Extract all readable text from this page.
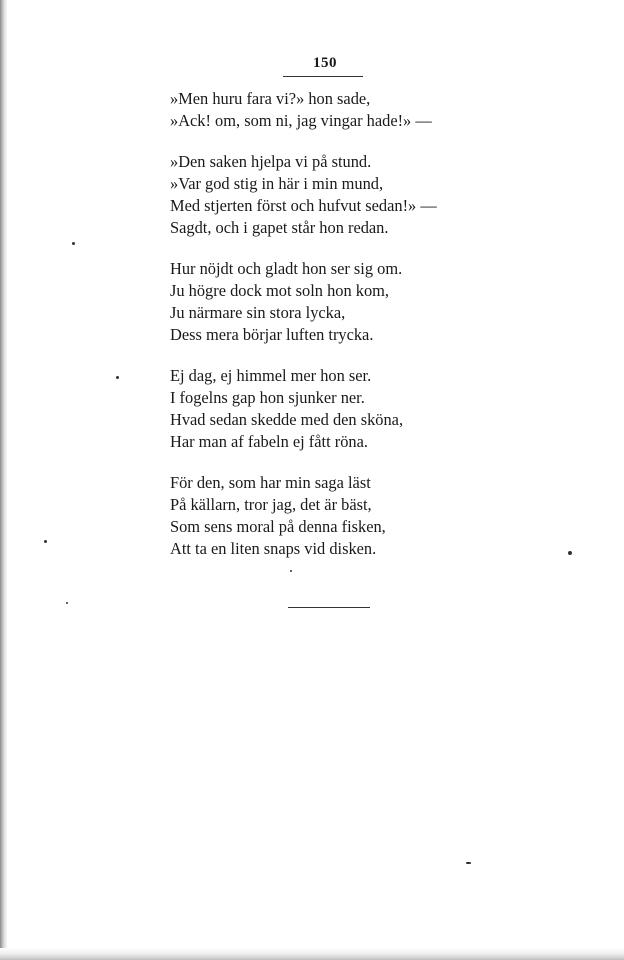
150
»Men huru fara vi?» hon sade,
»Ack! om, som ni, jag vingar hade!» —
»Den saken hjelpa vi på stund.
»Var god stig in här i min mund,
Med stjerten först och hufvut sedan!» —
Sagdt, och i gapet står hon redan.
Hur nöjdt och gladt hon ser sig om.
Ju högre dock mot soln hon kom,
Ju närmare sin stora lycka,
Dess mera börjar luften trycka.
Ej dag, ej himmel mer hon ser.
I fogelns gap hon sjunker ner.
Hvad sedan skedde med den sköna,
Har man af fabeln ej fått röna.
För den, som har min saga läst
På källarn, tror jag, det är bäst,
Som sens moral på denna fisken,
Att ta en liten snaps vid disken.
